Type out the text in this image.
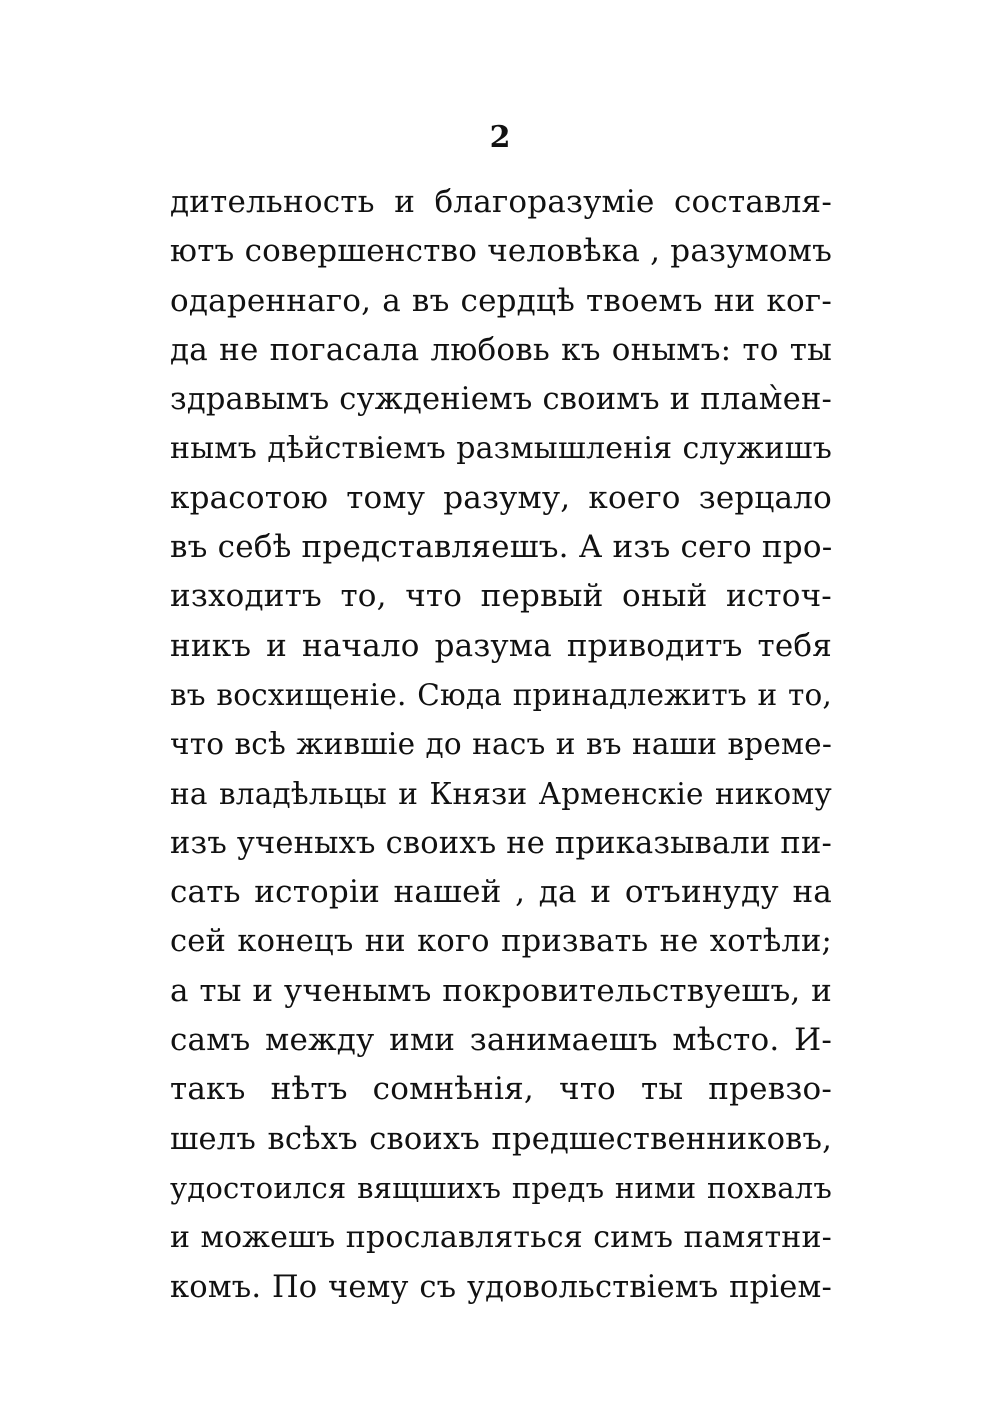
2
дительность и благоразуміе составля-
ютъ совершенство человѣка , разумомъ
одареннаго, а въ сердцѣ твоемъ ни ког-
да не погасала любовь къ онымъ: то ты
здравымъ сужденіемъ своимъ и плам̀ен-
нымъ дѣйствіемъ размышленія служишъ
красотою тому разуму, коего зерцало
въ себѣ представляешъ. А изъ сего про-
изходитъ то, что первый оный источ-
никъ и начало разума приводитъ тебя
въ восхищеніе. Сюда принадлежитъ и то,
что всѣ жившіе до насъ и въ наши време-
на владѣльцы и Князи Арменскіе никому
изъ ученыхъ своихъ не приказывали пи-
сать исторіи нашей , да и отъинуду на
сей конецъ ни кого призвать не хотѣли;
а ты и ученымъ покровительствуешъ, и
самъ между ими занимаешъ мѣсто. И-
такъ нѣтъ сомнѣнія, что ты превзо-
шелъ всѣхъ своихъ предшественниковъ,
удостоился вящшихъ предъ ними похвалъ
и можешъ прославляться симъ памятни-
комъ. По чему съ удовольствіемъ пріем-
